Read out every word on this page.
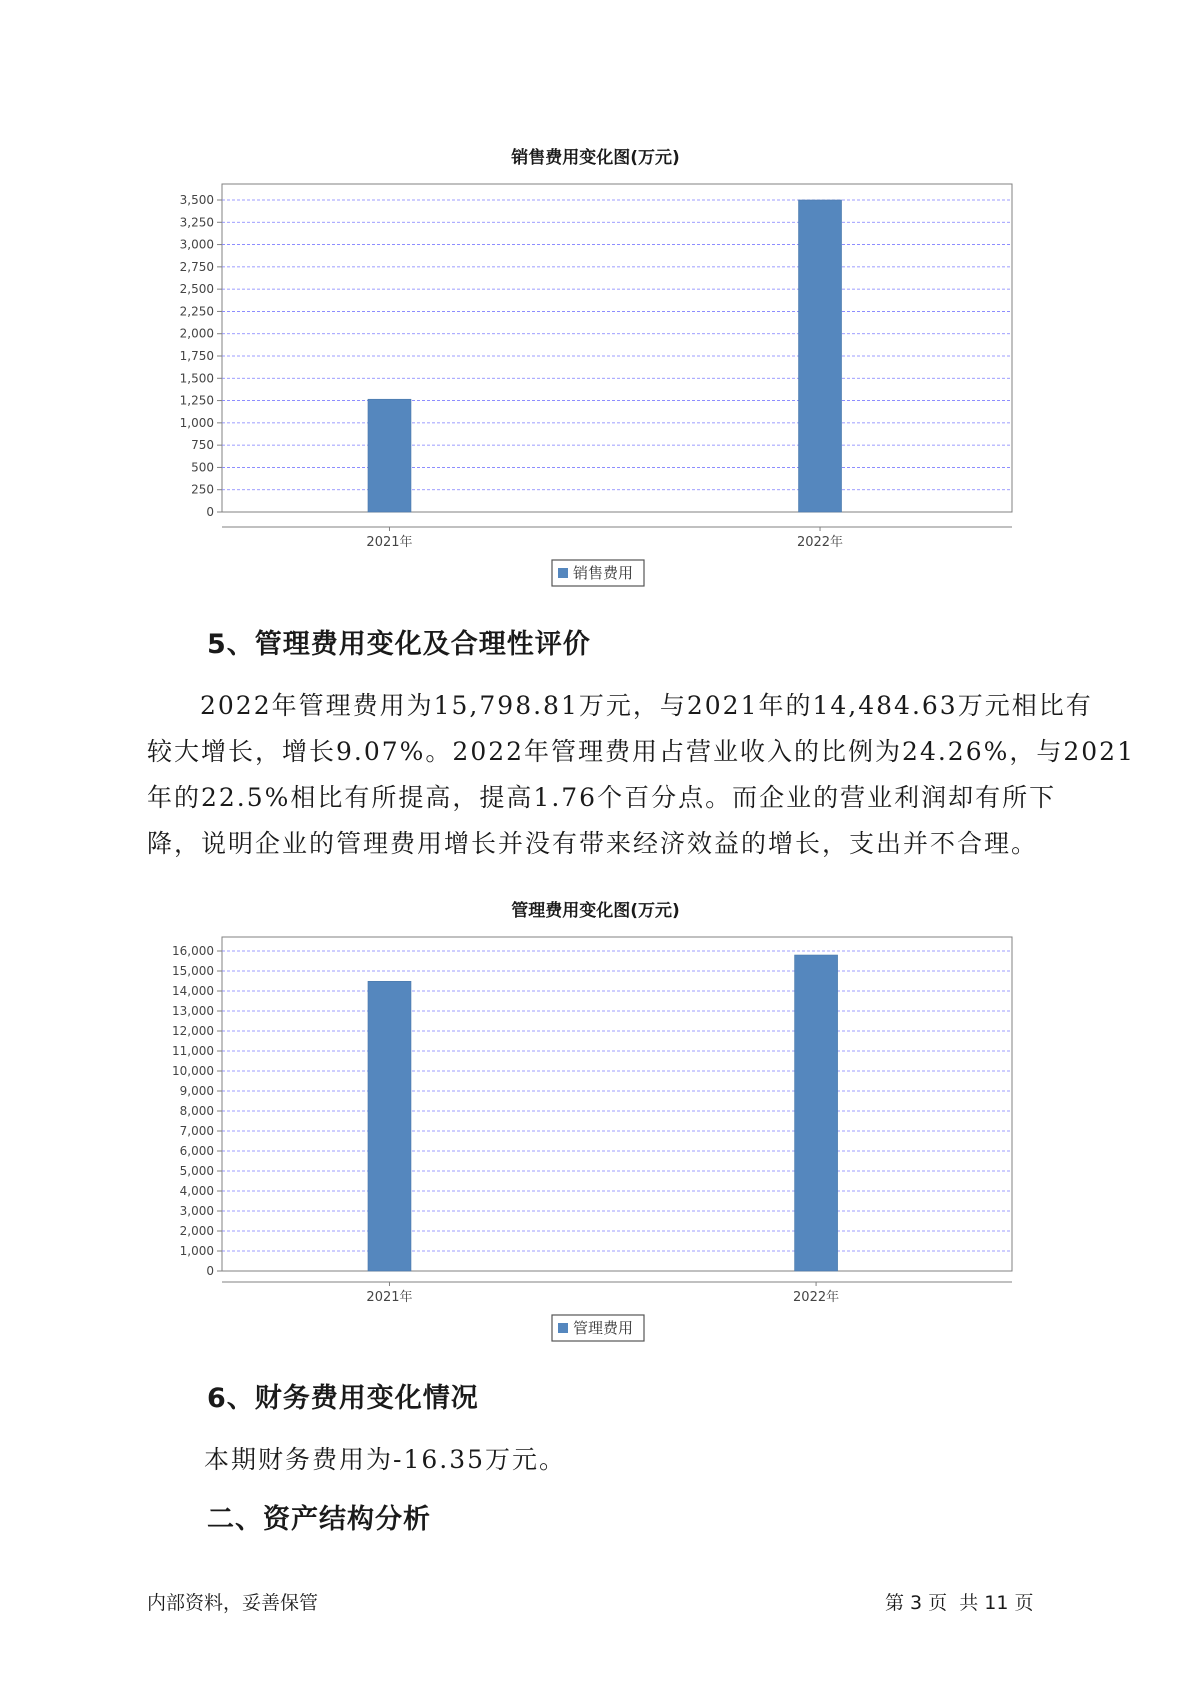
销售费用变化图(万元)
0
250
500
750
1,000
1,250
1,500
1,750
2,000
2,250
2,500
2,750
3,000
3,250
3,500
2021年	2022年
销售费用
5、管理费用变化及合理性评价
2022年管理费用为15,798.81万元，与2021年的14,484.63万元相比有
较大增长，增长9.07%。2022年管理费用占营业收入的比例为24.26%，与2021
年的22.5%相比有所提高，提高1.76个百分点。而企业的营业利润却有所下
降，说明企业的管理费用增长并没有带来经济效益的增长，支出并不合理。
管理费用变化图(万元)
0
1,000
2,000
3,000
4,000
5,000
6,000
7,000
8,000
9,000
10,000
11,000
12,000
13,000
14,000
15,000
16,000
2021年	2022年
管理费用
6、财务费用变化情况
本期财务费用为-16.35万元。
二、资产结构分析
内部资料，妥善保管	第 3 页  共 11 页
